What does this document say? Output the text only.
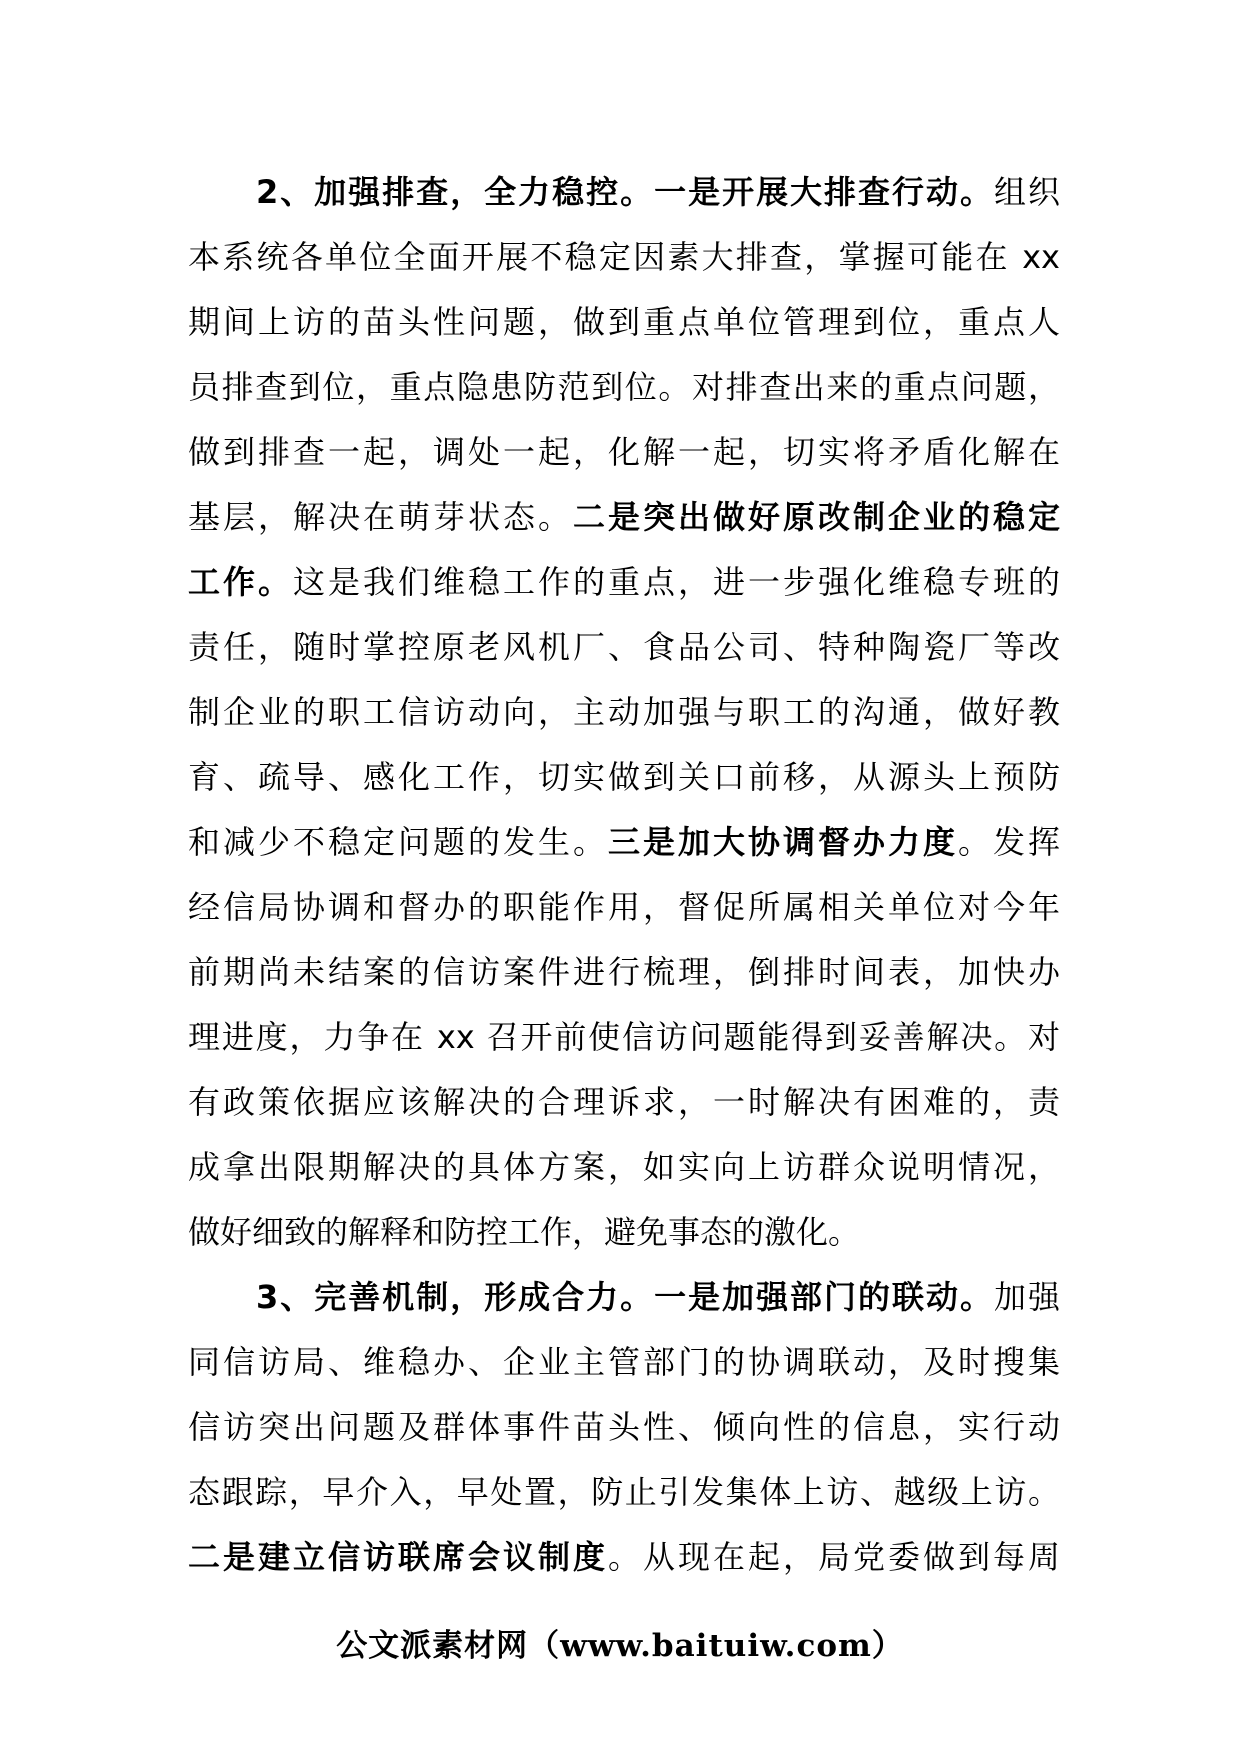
2、加强排查，全力稳控。一是开展大排查行动。组织
本系统各单位全面开展不稳定因素大排查，掌握可能在 xx
期间上访的苗头性问题，做到重点单位管理到位，重点人
员排查到位，重点隐患防范到位。对排查出来的重点问题，
做到排查一起，调处一起，化解一起，切实将矛盾化解在
基层，解决在萌芽状态。二是突出做好原改制企业的稳定
工作。这是我们维稳工作的重点，进一步强化维稳专班的
责任，随时掌控原老风机厂、食品公司、特种陶瓷厂等改
制企业的职工信访动向，主动加强与职工的沟通，做好教
育、疏导、感化工作，切实做到关口前移，从源头上预防
和减少不稳定问题的发生。三是加大协调督办力度。发挥
经信局协调和督办的职能作用，督促所属相关单位对今年
前期尚未结案的信访案件进行梳理，倒排时间表，加快办
理进度，力争在 xx 召开前使信访问题能得到妥善解决。对
有政策依据应该解决的合理诉求，一时解决有困难的，责
成拿出限期解决的具体方案，如实向上访群众说明情况，
做好细致的解释和防控工作，避免事态的激化。
3、完善机制，形成合力。一是加强部门的联动。加强
同信访局、维稳办、企业主管部门的协调联动，及时搜集
信访突出问题及群体事件苗头性、倾向性的信息，实行动
态跟踪，早介入，早处置，防止引发集体上访、越级上访。
二是建立信访联席会议制度。从现在起，局党委做到每周
公文派素材网（www.baituiw.com）
